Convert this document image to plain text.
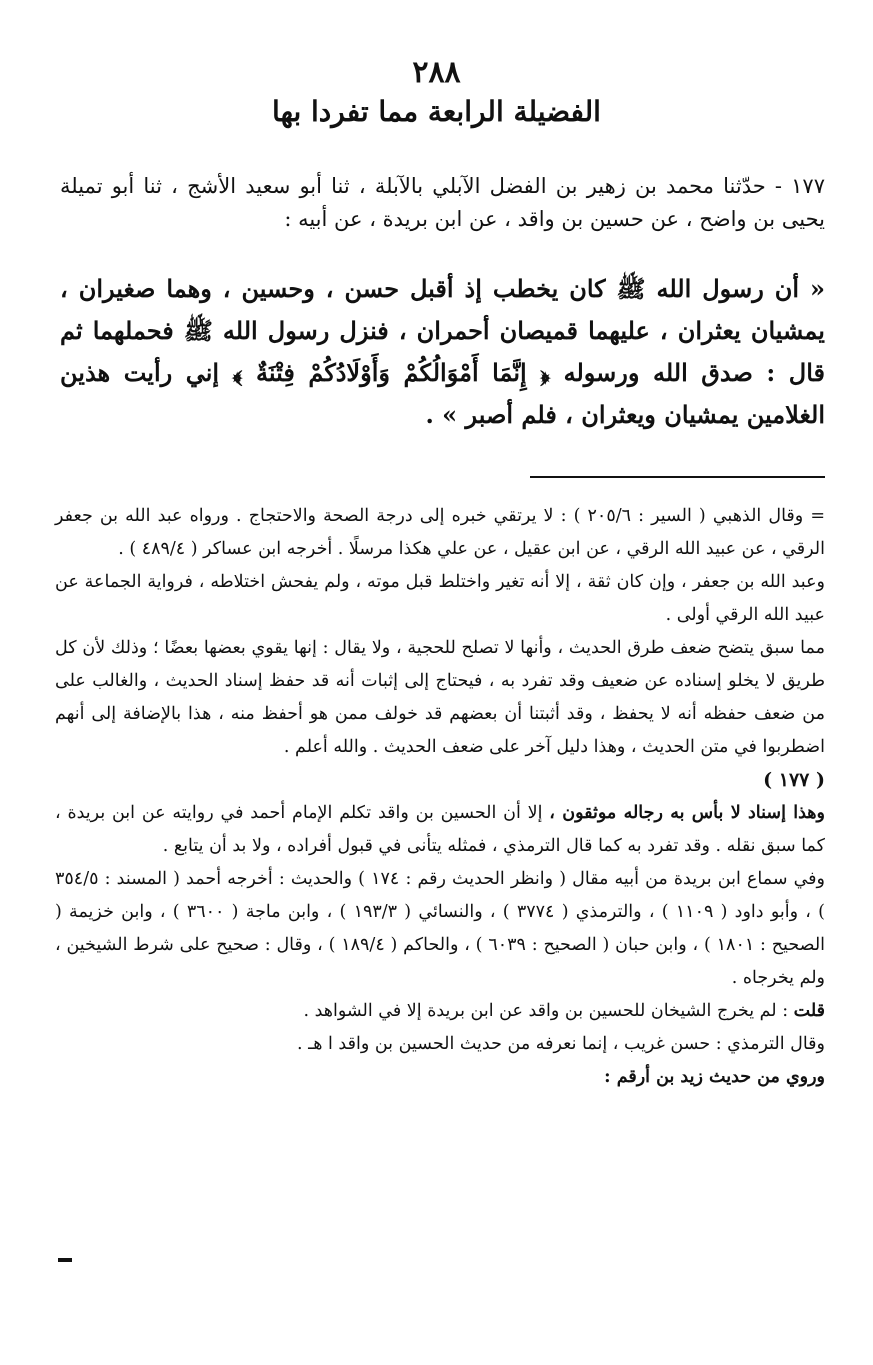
٢٨٨
الفضيلة الرابعة مما تفردا بها
١٧٧ - حدّثنا محمد بن زهير بن الفضل الآبلي بالآبلة ، ثنا أبو سعيد الأشج ، ثنا أبو تميلة يحيى بن واضح ، عن حسين بن واقد ، عن ابن بريدة ، عن أبيه :
« أن رسول الله ﷺ كان يخطب إذ أقبل حسن ، وحسين ، وهما صغيران ، يمشيان يعثران ، عليهما قميصان أحمران ، فنزل رسول الله ﷺ فحملهما ثم قال : صدق الله ورسوله ﴿ إِنَّمَا أَمْوَالُكُمْ وَأَوْلَادُكُمْ فِتْنَةٌ ﴾ إني رأيت هذين الغلامين يمشيان ويعثران ، فلم أصبر » .

= وقال الذهبي ( السير : ٢٠٥/٦ ) : لا يرتقي خبره إلى درجة الصحة والاحتجاج . ورواه عبد الله بن جعفر الرقي ، عن عبيد الله الرقي ، عن ابن عقيل ، عن علي هكذا مرسلًا . أخرجه ابن عساكر ( ٤٨٩/٤ ) .

وعبد الله بن جعفر ، وإن كان ثقة ، إلا أنه تغير واختلط قبل موته ، ولم يفحش اختلاطه ، فرواية الجماعة عن عبيد الله الرقي أولى .

مما سبق يتضح ضعف طرق الحديث ، وأنها لا تصلح للحجية ، ولا يقال : إنها يقوي بعضها بعضًا ؛ وذلك لأن كل طريق لا يخلو إسناده عن ضعيف وقد تفرد به ، فيحتاج إلى إثبات أنه قد حفظ إسناد الحديث ، والغالب على من ضعف حفظه أنه لا يحفظ ، وقد أثبتنا أن بعضهم قد خولف ممن هو أحفظ منه ، هذا بالإضافة إلى أنهم اضطربوا في متن الحديث ، وهذا دليل آخر على ضعف الحديث . والله أعلم .

( ١٧٧ )

وهذا إسناد لا بأس به رجاله موثقون ، إلا أن الحسين بن واقد تكلم الإمام أحمد في روايته عن ابن بريدة ، كما سبق نقله . وقد تفرد به كما قال الترمذي ، فمثله يتأنى في قبول أفراده ، ولا بد أن يتابع .

وفي سماع ابن بريدة من أبيه مقال ( وانظر الحديث رقم : ١٧٤ ) والحديث : أخرجه أحمد ( المسند : ٣٥٤/٥ ) ، وأبو داود ( ١١٠٩ ) ، والترمذي ( ٣٧٧٤ ) ، والنسائي ( ١٩٣/٣ ) ، وابن ماجة ( ٣٦٠٠ ) ، وابن خزيمة ( الصحيح : ١٨٠١ ) ، وابن حبان ( الصحيح : ٦٠٣٩ ) ، والحاكم ( ١٨٩/٤ ) ، وقال : صحيح على شرط الشيخين ، ولم يخرجاه .

قلت : لم يخرج الشيخان للحسين بن واقد عن ابن بريدة إلا في الشواهد .

وقال الترمذي : حسن غريب ، إنما نعرفه من حديث الحسين بن واقد ا هـ .

وروي من حديث زيد بن أرقم :
